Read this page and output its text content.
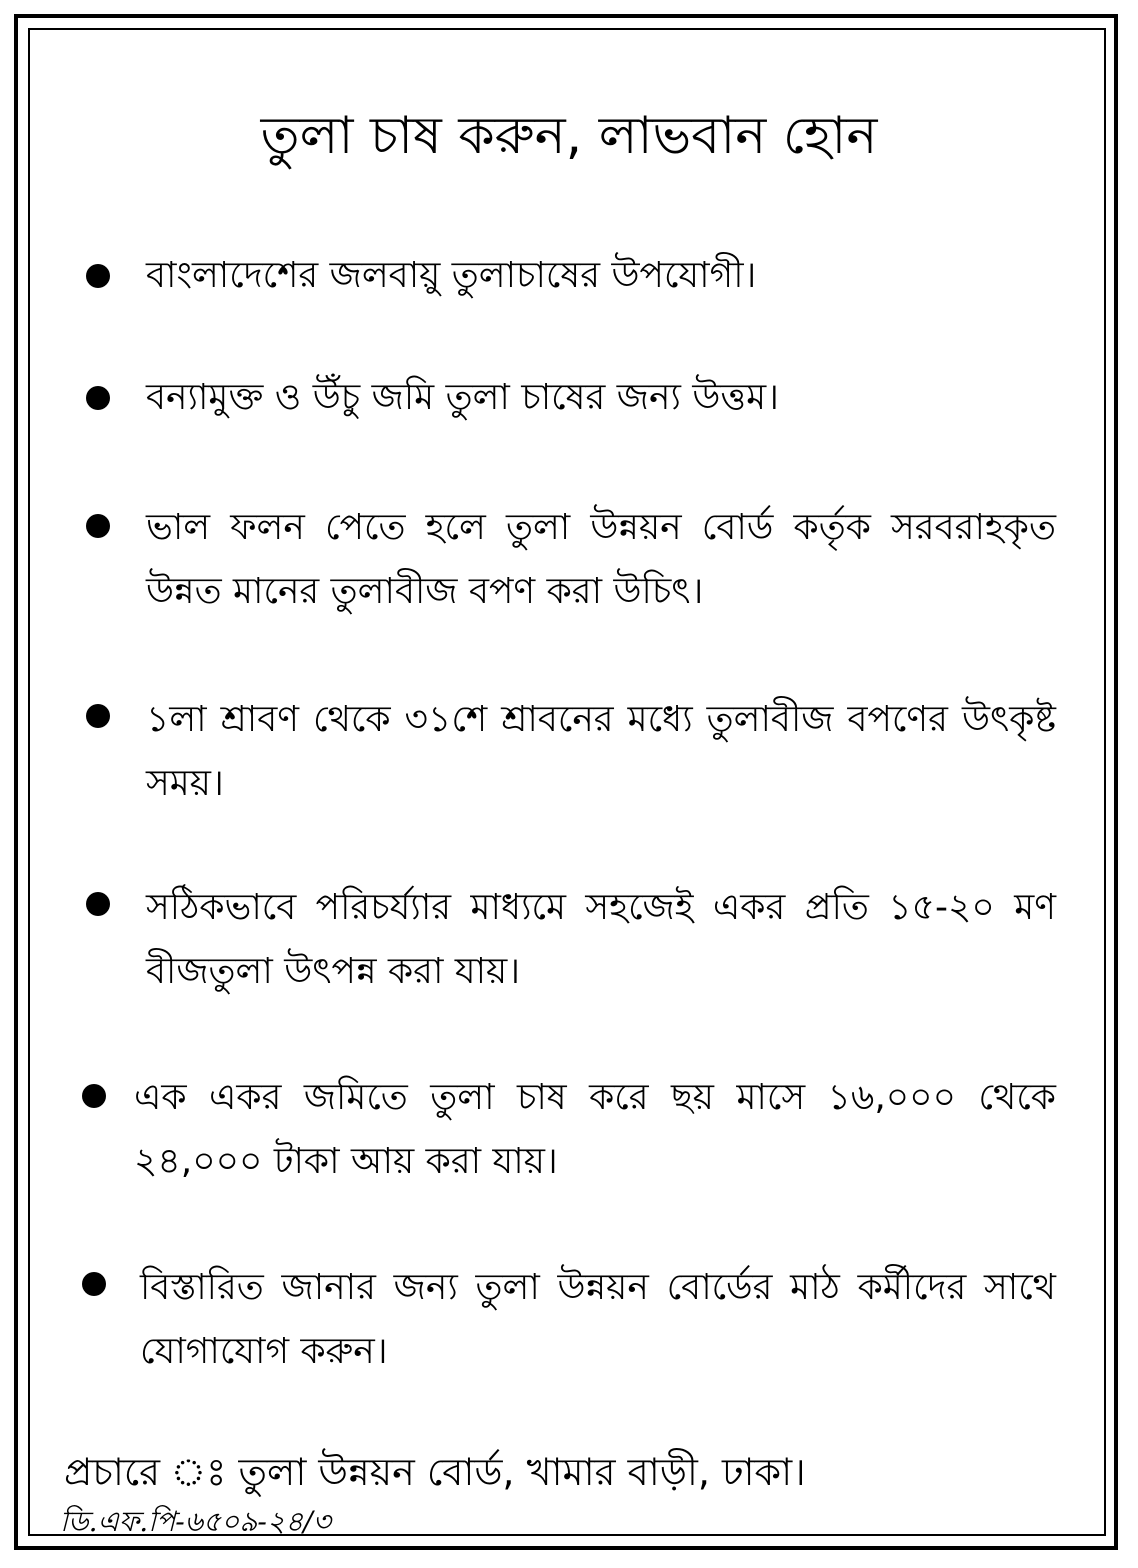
তুলা চাষ করুন, লাভবান হোন
বাংলাদেশের জলবায়ু তুলাচাষের উপযোগী।
বন্যামুক্ত ও উঁচু জমি তুলা চাষের জন্য উত্তম।
ভাল ফলন পেতে হলে তুলা উন্নয়ন বোর্ড কর্তৃক সরবরাহকৃত উন্নত মানের তুলাবীজ বপণ করা উচিৎ।
১লা শ্রাবণ থেকে ৩১শে শ্রাবনের মধ্যে তুলাবীজ বপণের উৎকৃষ্ট সময়।
সঠিকভাবে পরিচর্য্যার মাধ্যমে সহজেই একর প্রতি ১৫-২০ মণ বীজতুলা উৎপন্ন করা যায়।
এক একর জমিতে তুলা চাষ করে ছয় মাসে ১৬,০০০ থেকে ২৪,০০০ টাকা আয় করা যায়।
বিস্তারিত জানার জন্য তুলা উন্নয়ন বোর্ডের মাঠ কর্মীদের সাথে যোগাযোগ করুন।
প্রচারে ঃ তুলা উন্নয়ন বোর্ড, খামার বাড়ী, ঢাকা।
ডি.এফ.পি-৬৫০৯-২৪/৩
